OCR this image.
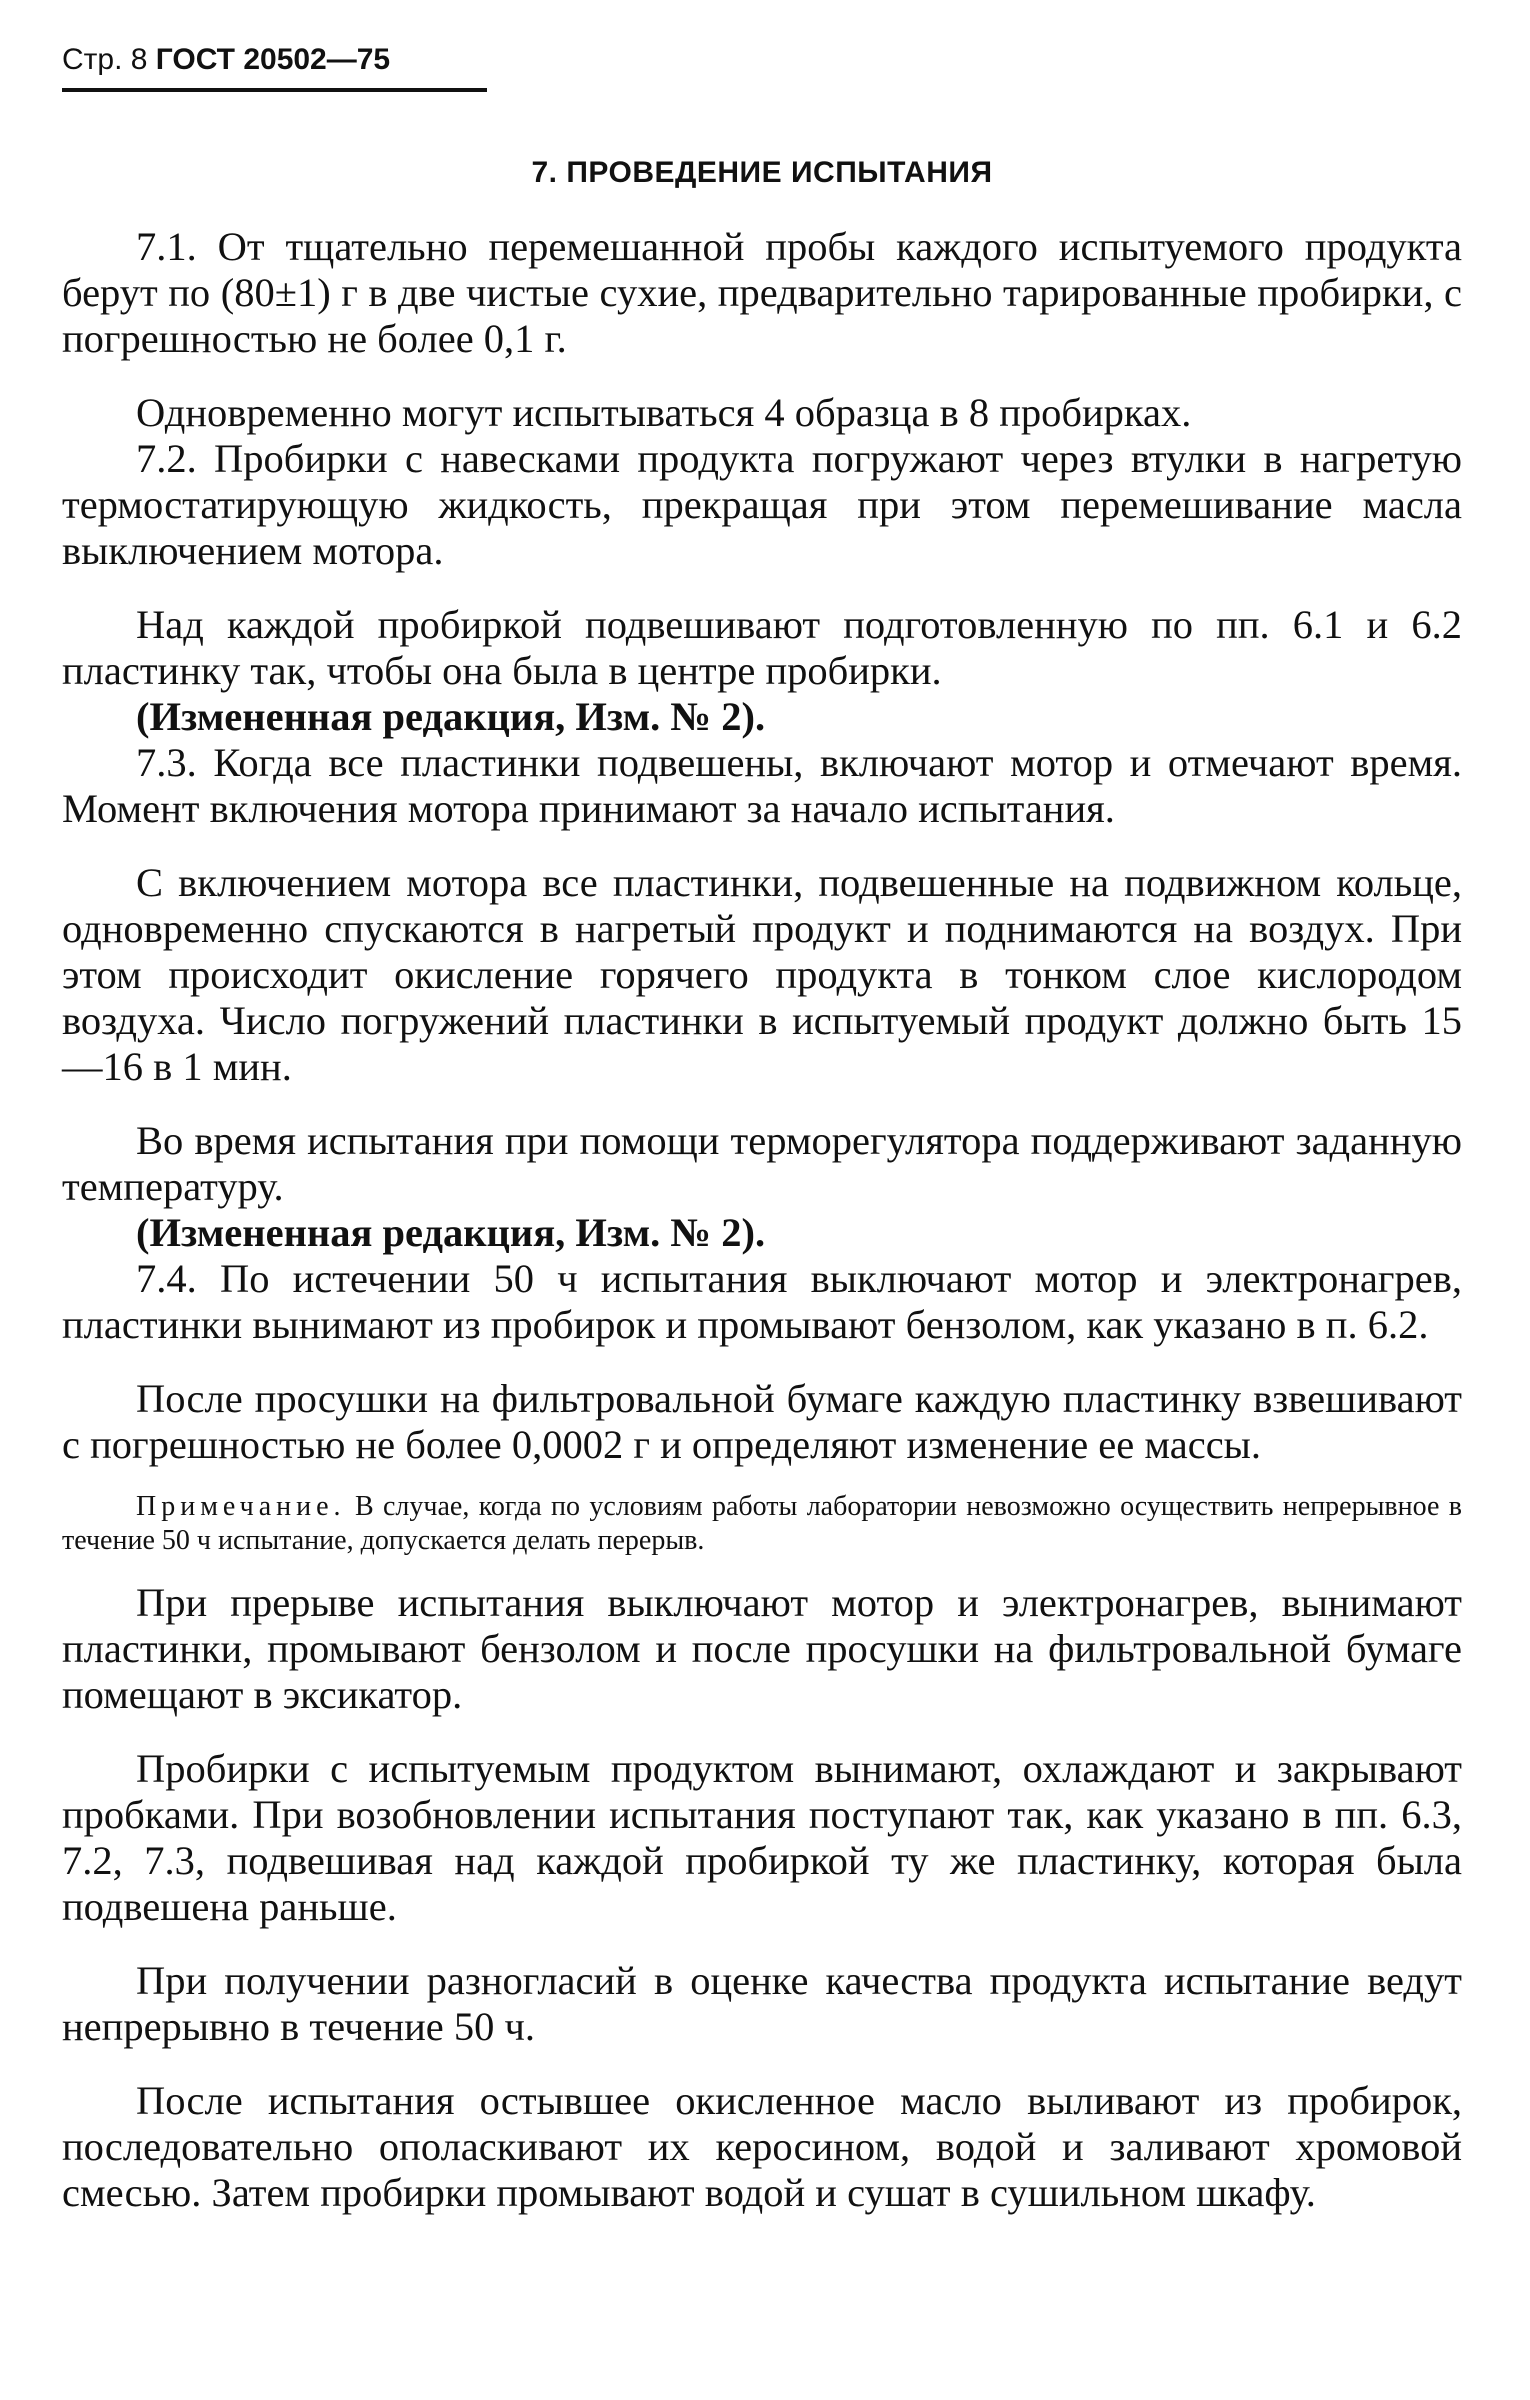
Стр. 8 ГОСТ 20502—75
7. ПРОВЕДЕНИЕ ИСПЫТАНИЯ
7.1. От тщательно перемешанной пробы каждого испытуемого продукта берут по (80±1) г в две чистые сухие, предварительно тарированные пробирки, с погрешностью не более 0,1 г.
Одновременно могут испытываться 4 образца в 8 пробирках.
7.2. Пробирки с навесками продукта погружают через втулки в нагретую термостатирующую жидкость, прекращая при этом перемешивание масла выключением мотора.
Над каждой пробиркой подвешивают подготовленную по пп. 6.1 и 6.2 пластинку так, чтобы она была в центре пробирки.
(Измененная редакция, Изм. № 2).
7.3. Когда все пластинки подвешены, включают мотор и отмечают время. Момент включения мотора принимают за начало испытания.
С включением мотора все пластинки, подвешенные на подвижном кольце, одновременно спускаются в нагретый продукт и поднимаются на воздух. При этом происходит окисление горячего продукта в тонком слое кислородом воздуха. Число погружений пластинки в испытуемый продукт должно быть 15—16 в 1 мин.
Во время испытания при помощи терморегулятора поддерживают заданную температуру.
(Измененная редакция, Изм. № 2).
7.4. По истечении 50 ч испытания выключают мотор и электронагрев, пластинки вынимают из пробирок и промывают бензолом, как указано в п. 6.2.
После просушки на фильтровальной бумаге каждую пластинку взвешивают с погрешностью не более 0,0002 г и определяют изменение ее массы.
Примечание. В случае, когда по условиям работы лаборатории невозможно осуществить непрерывное в течение 50 ч испытание, допускается делать перерыв.
При прерыве испытания выключают мотор и электронагрев, вынимают пластинки, промывают бензолом и после просушки на фильтровальной бумаге помещают в эксикатор.
Пробирки с испытуемым продуктом вынимают, охлаждают и закрывают пробками. При возобновлении испытания поступают так, как указано в пп. 6.3, 7.2, 7.3, подвешивая над каждой пробиркой ту же пластинку, которая была подвешена раньше.
При получении разногласий в оценке качества продукта испытание ведут непрерывно в течение 50 ч.
После испытания остывшее окисленное масло выливают из пробирок, последовательно ополаскивают их керосином, водой и заливают хромовой смесью. Затем пробирки промывают водой и сушат в сушильном шкафу.
